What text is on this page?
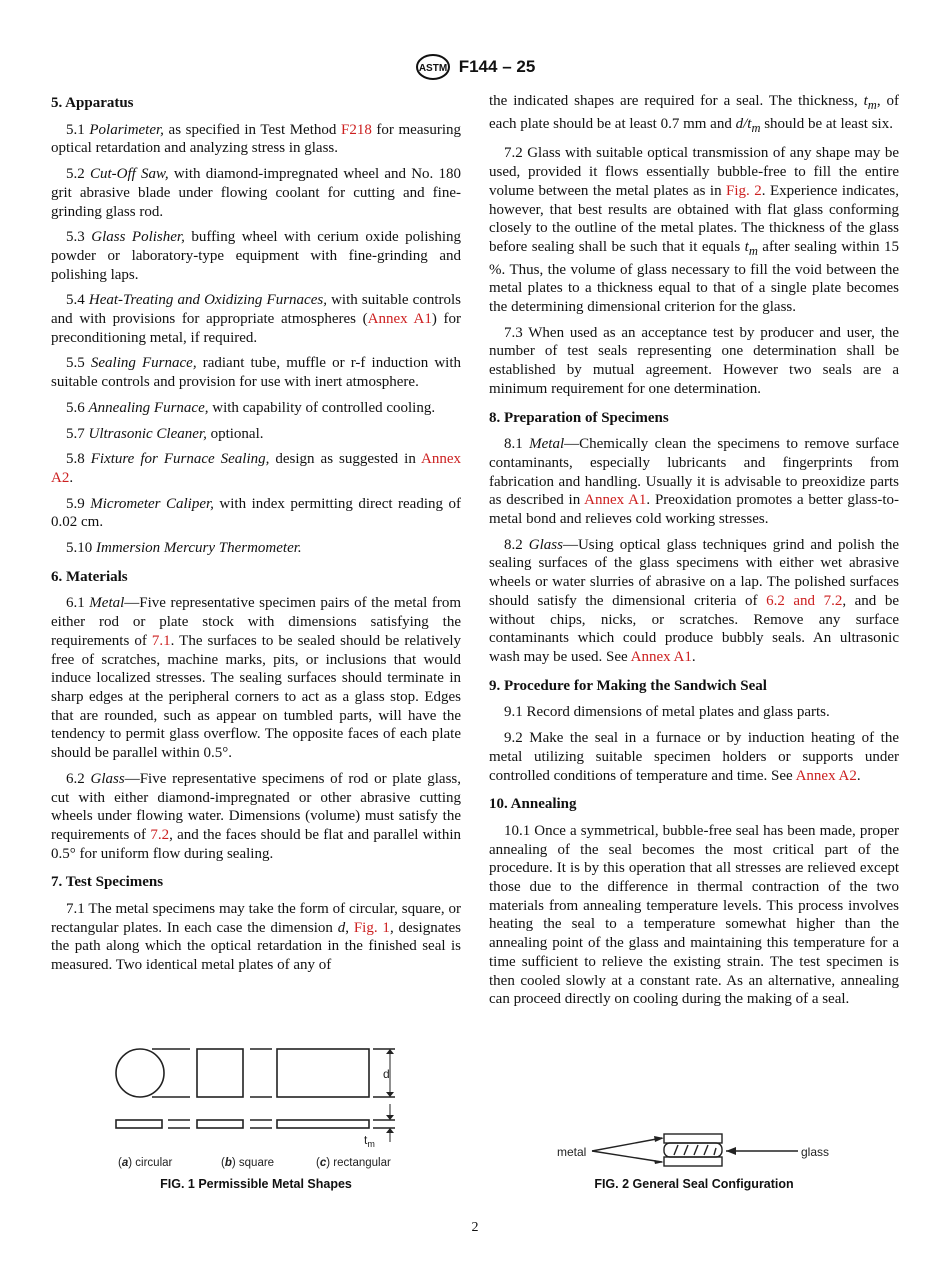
ASTM F144 – 25
5. Apparatus

5.1 Polarimeter, as specified in Test Method F218 for measuring optical retardation and analyzing stress in glass.

5.2 Cut-Off Saw, with diamond-impregnated wheel and No. 180 grit abrasive blade under flowing coolant for cutting and fine-grinding glass rod.

5.3 Glass Polisher, buffing wheel with cerium oxide polishing powder or laboratory-type equipment with fine-grinding and polishing laps.

5.4 Heat-Treating and Oxidizing Furnaces, with suitable controls and with provisions for appropriate atmospheres (Annex A1) for preconditioning metal, if required.

5.5 Sealing Furnace, radiant tube, muffle or r-f induction with suitable controls and provision for use with inert atmosphere.

5.6 Annealing Furnace, with capability of controlled cooling.

5.7 Ultrasonic Cleaner, optional.

5.8 Fixture for Furnace Sealing, design as suggested in Annex A2.

5.9 Micrometer Caliper, with index permitting direct reading of 0.02 cm.

5.10 Immersion Mercury Thermometer.

6. Materials

6.1 Metal—Five representative specimen pairs of the metal from either rod or plate stock with dimensions satisfying the requirements of 7.1. The surfaces to be sealed should be relatively free of scratches, machine marks, pits, or inclusions that would induce localized stresses. The sealing surfaces should terminate in sharp edges at the peripheral corners to act as a glass stop. Edges that are rounded, such as appear on tumbled parts, will have the tendency to permit glass overflow. The opposite faces of each plate should be parallel within 0.5°.

6.2 Glass—Five representative specimens of rod or plate glass, cut with either diamond-impregnated or other abrasive cutting wheels under flowing water. Dimensions (volume) must satisfy the requirements of 7.2, and the faces should be flat and parallel within 0.5° for uniform flow during sealing.

7. Test Specimens

7.1 The metal specimens may take the form of circular, square, or rectangular plates. In each case the dimension d, Fig. 1, designates the path along which the optical retardation in the finished seal is measured. Two identical metal plates of any of

the indicated shapes are required for a seal. The thickness, $t_m$, of each plate should be at least 0.7 mm and $d/t_m$ should be at least six.

7.2 Glass with suitable optical transmission of any shape may be used, provided it flows essentially bubble-free to fill the entire volume between the metal plates as in Fig. 2. Experience indicates, however, that best results are obtained with flat glass conforming closely to the outline of the metal plates. The thickness of the glass before sealing shall be such that it equals $t_m$ after sealing within 15 %. Thus, the volume of glass necessary to fill the void between the metal plates to a thickness equal to that of a single plate becomes the determining dimensional criterion for the glass.

7.3 When used as an acceptance test by producer and user, the number of test seals representing one determination shall be established by mutual agreement. However two seals are a minimum requirement for one determination.

8. Preparation of Specimens

8.1 Metal—Chemically clean the specimens to remove surface contaminants, especially lubricants and fingerprints from fabrication and handling. Usually it is advisable to preoxidize parts as described in Annex A1. Preoxidation promotes a better glass-to-metal bond and relieves cold working stresses.

8.2 Glass—Using optical glass techniques grind and polish the sealing surfaces of the glass specimens with either wet abrasive wheels or water slurries of abrasive on a lap. The polished surfaces should satisfy the dimensional criteria of 6.2 and 7.2, and be without chips, nicks, or scratches. Remove any surface contaminants which could produce bubbly seals. An ultrasonic wash may be used. See Annex A1.

9. Procedure for Making the Sandwich Seal

9.1 Record dimensions of metal plates and glass parts.

9.2 Make the seal in a furnace or by induction heating of the metal utilizing suitable specimen holders or supports under controlled conditions of temperature and time. See Annex A2.

10. Annealing

10.1 Once a symmetrical, bubble-free seal has been made, proper annealing of the seal becomes the most critical part of the procedure. It is by this operation that all stresses are relieved except those due to the difference in thermal contraction of the two materials from annealing temperature levels. This process involves heating the seal to a temperature somewhat higher than the annealing point of the glass and maintaining this temperature for a time sufficient to relieve the existing strain. The test specimen is then cooled slowly at a constant rate. As an alternative, annealing can proceed directly on cooling during the making of a seal.

d
$t_m$
(a) circular	(b) square	(c) rectangular
FIG. 1 Permissible Metal Shapes
metal	glass
FIG. 2 General Seal Configuration
2
